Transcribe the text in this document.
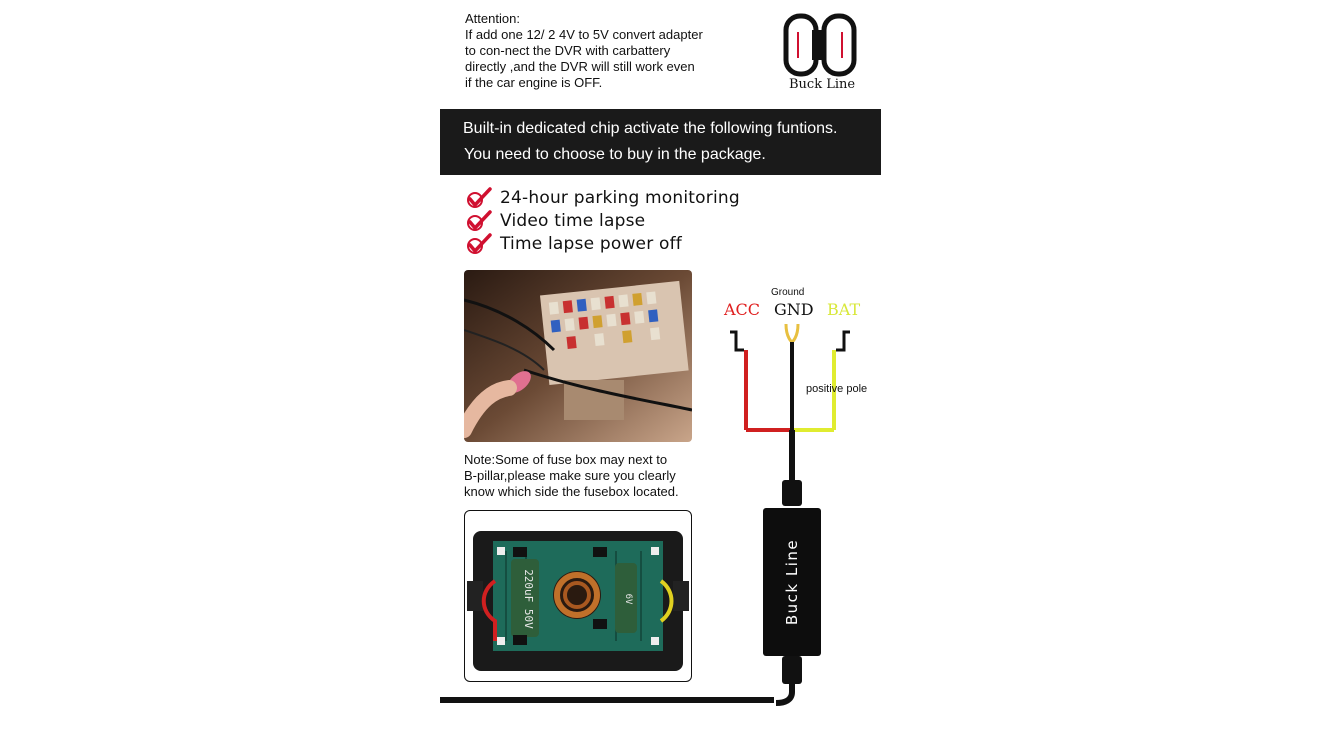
Attention:
If add one 12/ 2 4V to 5V convert adapter
to con-nect the DVR with carbattery
directly ,and the DVR will still work even
if the car engine is OFF.	Buck Line
Built-in dedicated chip activate the following funtions.
You need to choose to buy in the package.
24-hour parking monitoring
Video time lapse
Time lapse power off
Note:Some of fuse box may next to
B-pillar,please make sure you clearly
know which side the fusebox located.
220uF 50V	6V	Buck Line
ACC GND BAT
Ground
positive pole
